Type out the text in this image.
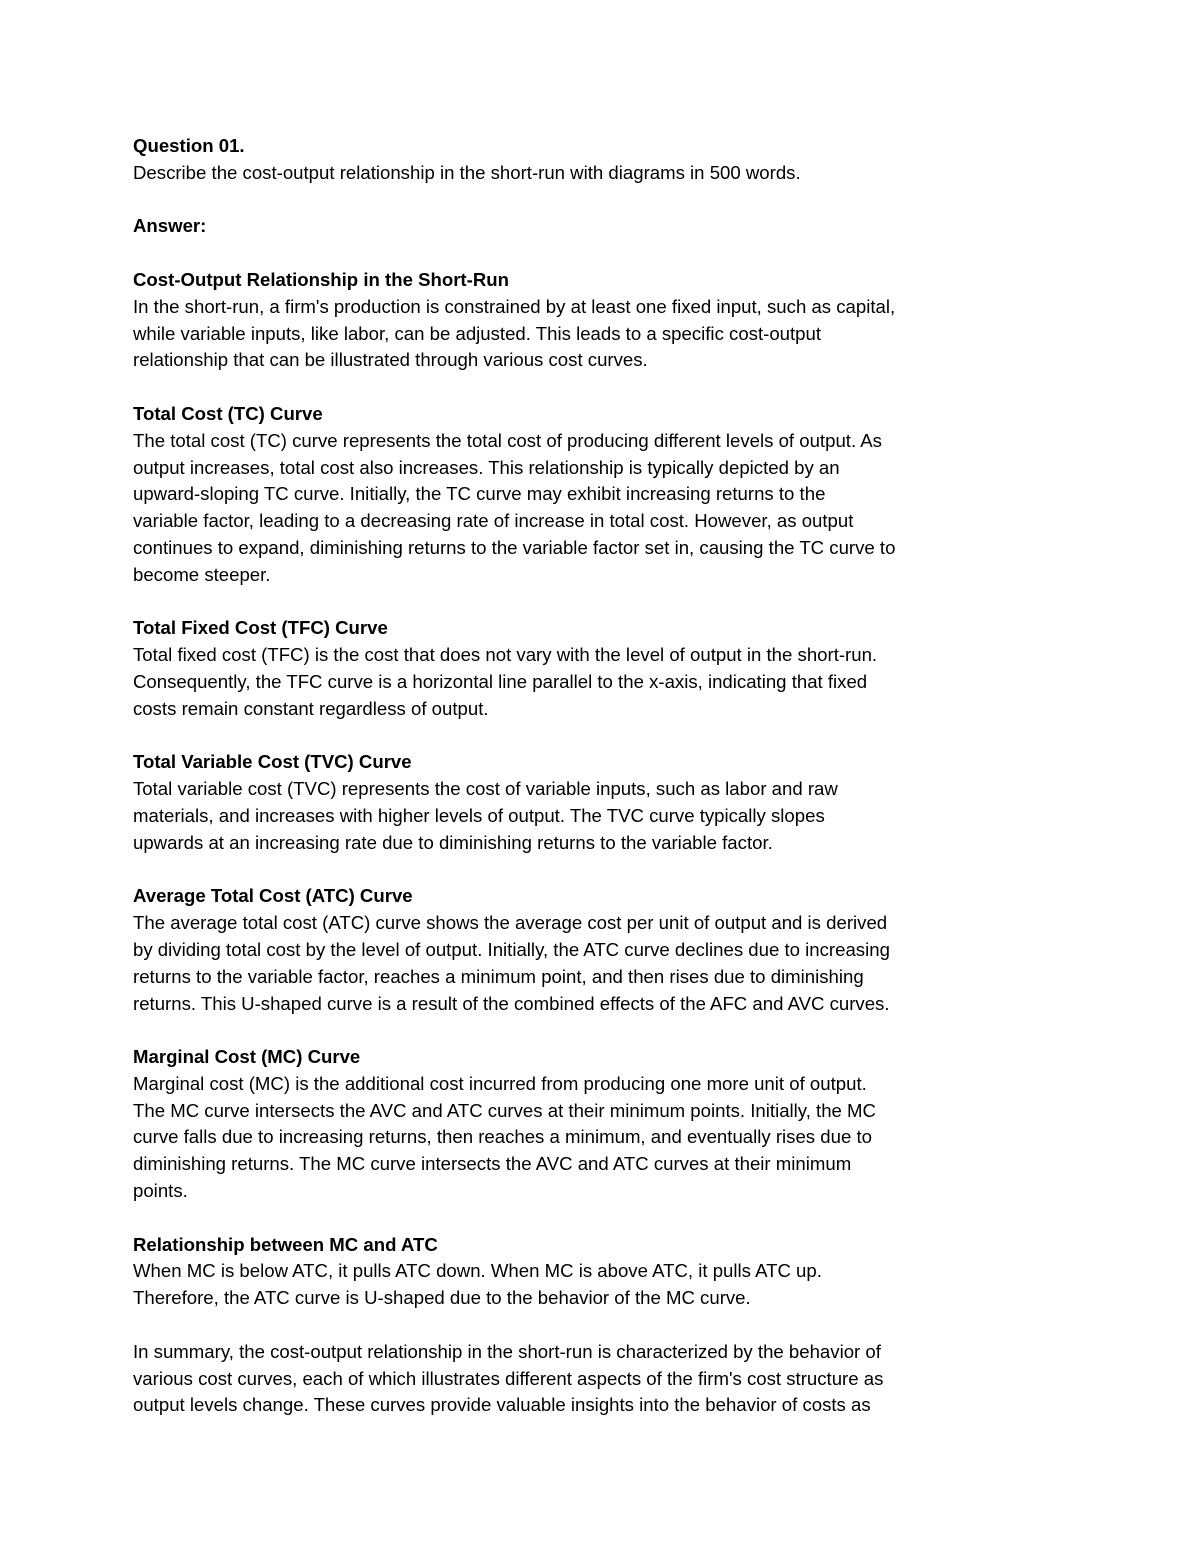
Question 01.
Describe the cost-output relationship in the short-run with diagrams in 500 words.
Answer:
Cost-Output Relationship in the Short-Run
In the short-run, a firm's production is constrained by at least one fixed input, such as capital,
while variable inputs, like labor, can be adjusted. This leads to a specific cost-output
relationship that can be illustrated through various cost curves.
Total Cost (TC) Curve
The total cost (TC) curve represents the total cost of producing different levels of output. As
output increases, total cost also increases. This relationship is typically depicted by an
upward-sloping TC curve. Initially, the TC curve may exhibit increasing returns to the
variable factor, leading to a decreasing rate of increase in total cost. However, as output
continues to expand, diminishing returns to the variable factor set in, causing the TC curve to
become steeper.
Total Fixed Cost (TFC) Curve
Total fixed cost (TFC) is the cost that does not vary with the level of output in the short-run.
Consequently, the TFC curve is a horizontal line parallel to the x-axis, indicating that fixed
costs remain constant regardless of output.
Total Variable Cost (TVC) Curve
Total variable cost (TVC) represents the cost of variable inputs, such as labor and raw
materials, and increases with higher levels of output. The TVC curve typically slopes
upwards at an increasing rate due to diminishing returns to the variable factor.
Average Total Cost (ATC) Curve
The average total cost (ATC) curve shows the average cost per unit of output and is derived
by dividing total cost by the level of output. Initially, the ATC curve declines due to increasing
returns to the variable factor, reaches a minimum point, and then rises due to diminishing
returns. This U-shaped curve is a result of the combined effects of the AFC and AVC curves.
Marginal Cost (MC) Curve
Marginal cost (MC) is the additional cost incurred from producing one more unit of output.
The MC curve intersects the AVC and ATC curves at their minimum points. Initially, the MC
curve falls due to increasing returns, then reaches a minimum, and eventually rises due to
diminishing returns. The MC curve intersects the AVC and ATC curves at their minimum
points.
Relationship between MC and ATC
When MC is below ATC, it pulls ATC down. When MC is above ATC, it pulls ATC up.
Therefore, the ATC curve is U-shaped due to the behavior of the MC curve.
In summary, the cost-output relationship in the short-run is characterized by the behavior of
various cost curves, each of which illustrates different aspects of the firm's cost structure as
output levels change. These curves provide valuable insights into the behavior of costs as
